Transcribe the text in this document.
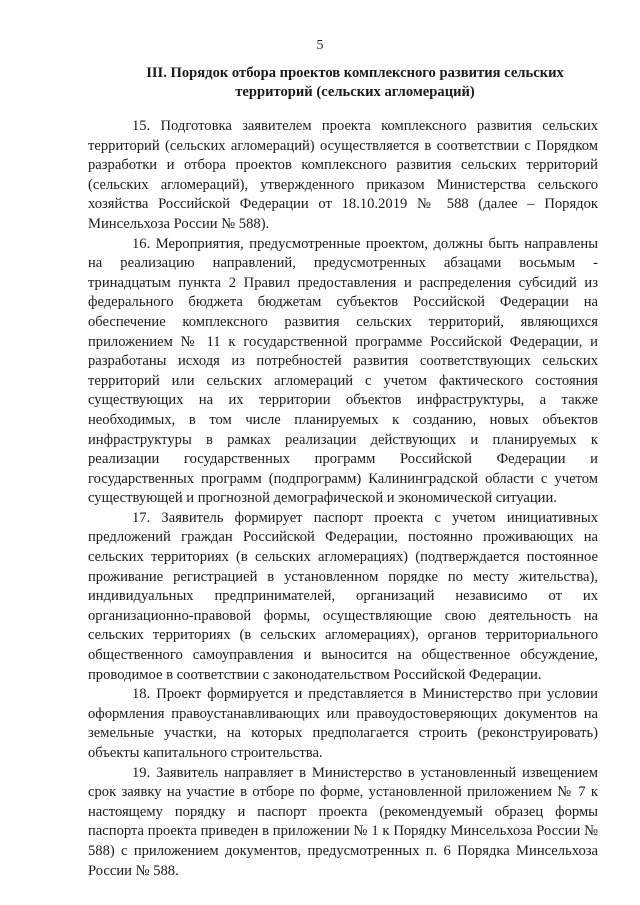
5
III. Порядок отбора проектов комплексного развития сельских территорий (сельских агломераций)

15. Подготовка заявителем проекта комплексного развития сельских территорий (сельских агломераций) осуществляется в соответствии с Порядком разработки и отбора проектов комплексного развития сельских территорий (сельских агломераций), утвержденного приказом Министерства сельского хозяйства Российской Федерации от 18.10.2019 № 588 (далее – Порядок Минсельхоза России № 588).

16. Мероприятия, предусмотренные проектом, должны быть направлены на реализацию направлений, предусмотренных абзацами восьмым - тринадцатым пункта 2 Правил предоставления и распределения субсидий из федерального бюджета бюджетам субъектов Российской Федерации на обеспечение комплексного развития сельских территорий, являющихся приложением № 11 к государственной программе Российской Федерации, и разработаны исходя из потребностей развития соответствующих сельских территорий или сельских агломераций с учетом фактического состояния существующих на их территории объектов инфраструктуры, а также необходимых, в том числе планируемых к созданию, новых объектов инфраструктуры в рамках реализации действующих и планируемых к реализации государственных программ Российской Федерации и государственных программ (подпрограмм) Калининградской области с учетом существующей и прогнозной демографической и экономической ситуации.

17. Заявитель формирует паспорт проекта с учетом инициативных предложений граждан Российской Федерации, постоянно проживающих на сельских территориях (в сельских агломерациях) (подтверждается постоянное проживание регистрацией в установленном порядке по месту жительства), индивидуальных предпринимателей, организаций независимо от их организационно-правовой формы, осуществляющие свою деятельность на сельских территориях (в сельских агломерациях), органов территориального общественного самоуправления и выносится на общественное обсуждение, проводимое в соответствии с законодательством Российской Федерации.

18. Проект формируется и представляется в Министерство при условии оформления правоустанавливающих или правоудостоверяющих документов на земельные участки, на которых предполагается строить (реконструировать) объекты капитального строительства.

19. Заявитель направляет в Министерство в установленный извещением срок заявку на участие в отборе по форме, установленной приложением № 7 к настоящему порядку и паспорт проекта (рекомендуемый образец формы паспорта проекта приведен в приложении № 1 к Порядку Минсельхоза России № 588) с приложением документов, предусмотренных п. 6 Порядка Минсельхоза России № 588.
